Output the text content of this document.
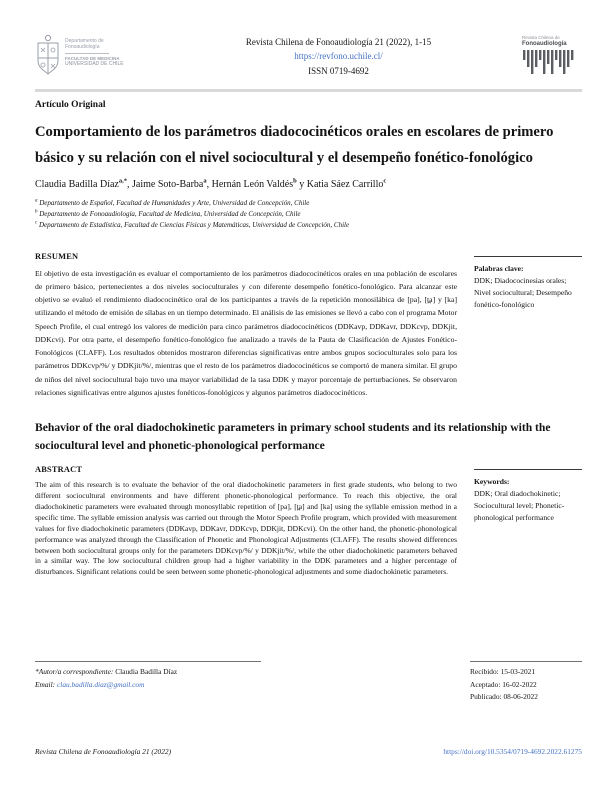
Departamento de
Fonoaudiología
FACULTAD DE MEDICINA
UNIVERSIDAD DE CHILE
Revista Chilena de Fonoaudiología 21 (2022), 1-15
https://revfono.uchile.cl/
ISSN 0719-4692
Revista Chilena de
Fonoaudiología
Artículo Original
Comportamiento de los parámetros diadococinéticos orales en escolares de primero básico y su relación con el nivel sociocultural y el desempeño fonético-fonológico
Claudia Badilla Díaz$^{a,*}$, Jaime Soto-Barba$^a$, Hernán León Valdés$^b$ y Katia Sáez Carrillo$^c$
$^a$ Departamento de Español, Facultad de Humanidades y Arte, Universidad de Concepción, Chile
$^b$ Departamento de Fonoaudiología, Facultad de Medicina, Universidad de Concepción, Chile
$^c$ Departamento de Estadística, Facultad de Ciencias Físicas y Matemáticas, Universidad de Concepción, Chile
RESUMEN

El objetivo de esta investigación es evaluar el comportamiento de los parámetros diadococinéticos orales en una población de escolares de primero básico, pertenecientes a dos niveles socioculturales y con diferente desempeño fonético-fonológico. Para alcanzar este objetivo se evaluó el rendimiento diadococinético oral de los participantes a través de la repetición monosilábica de [pa], [t̪a] y [ka] utilizando el método de emisión de sílabas en un tiempo determinado. El análisis de las emisiones se llevó a cabo con el programa Motor Speech Profile, el cual entregó los valores de medición para cinco parámetros diadococinéticos (DDKavp, DDKavr, DDKcvp, DDKjit, DDKcvi). Por otra parte, el desempeño fonético-fonológico fue analizado a través de la Pauta de Clasificación de Ajustes Fonético-Fonológicos (CLAFF). Los resultados obtenidos mostraron diferencias significativas entre ambos grupos socioculturales solo para los parámetros DDKcvp/%/ y DDKjit/%/, mientras que el resto de los parámetros diadococinéticos se comportó de manera similar. El grupo de niños del nivel sociocultural bajo tuvo una mayor variabilidad de la tasa DDK y mayor porcentaje de perturbaciones. Se observaron relaciones significativas entre algunos ajustes fonéticos-fonológicos y algunos parámetros diadococinéticos.

Palabras clave:
DDK; Diadococinesias orales; Nivel sociocultural; Desempeño fonético-fonológico
Behavior of the oral diadochokinetic parameters in primary school students and its relationship with the sociocultural level and phonetic-phonological performance
ABSTRACT

The aim of this research is to evaluate the behavior of the oral diadochokinetic parameters in first grade students, who belong to two different sociocultural environments and have different phonetic-phonological performance. To reach this objective, the oral diadochokinetic parameters were evaluated through monosyllabic repetition of [pa], [t̪a] and [ka] using the syllable emission method in a specific time. The syllable emission analysis was carried out through the Motor Speech Profile program, which provided with measurement values for five diadochokinetic parameters (DDKavp, DDKavr, DDKcvp, DDKjit, DDKcvi). On the other hand, the phonetic-phonological performance was analyzed through the Classification of Phonetic and Phonological Adjustments (CLAFF). The results showed differences between both sociocultural groups only for the parameters DDKcvp/%/ y DDKjit/%/, while the other diadochokinetic parameters behaved in a similar way. The low sociocultural children group had a higher variability in the DDK parameters and a higher percentage of disturbances. Significant relations could be seen between some phonetic-phonological adjustments and some diadochokinetic parameters.

Keywords:
DDK; Oral diadochokinetic; Sociocultural level; Phonetic-phonological performance
*Autor/a correspondiente: Claudia Badilla Díaz
Email: clau.badilla.diaz@gmail.com
Recibido: 15-03-2021
Aceptado: 16-02-2022
Publicado: 08-06-2022
Revista Chilena de Fonoaudiología 21 (2022)	https://doi.org/10.5354/0719-4692.2022.61275
